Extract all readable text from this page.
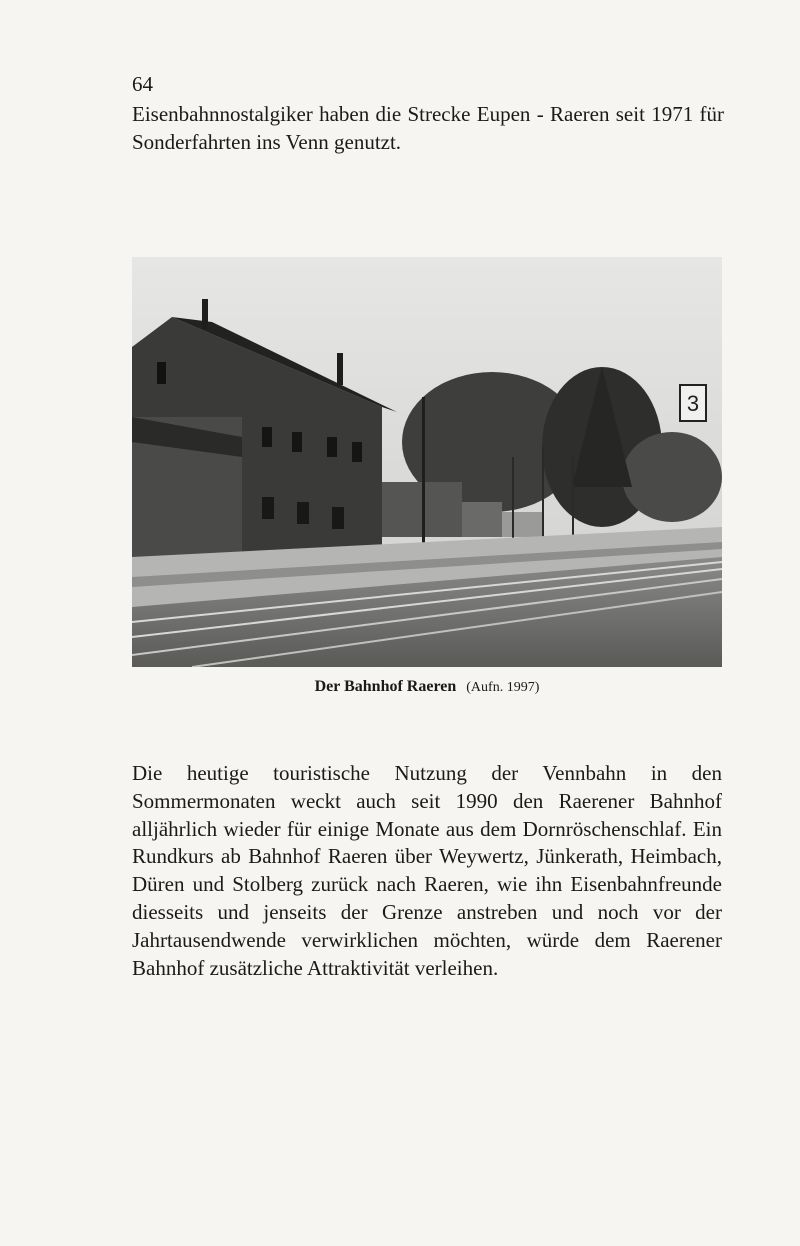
64

Eisenbahnnostalgiker haben die Strecke Eupen - Raeren seit 1971 für Sonderfahrten ins Venn genutzt.

3
Der Bahnhof Raeren (Aufn. 1997)

Die heutige touristische Nutzung der Vennbahn in den Sommermonaten weckt auch seit 1990 den Raerener Bahnhof alljährlich wieder für einige Monate aus dem Dornröschenschlaf. Ein Rundkurs ab Bahnhof Raeren über Weywertz, Jünkerath, Heimbach, Düren und Stolberg zurück nach Raeren, wie ihn Eisenbahnfreunde diesseits und jenseits der Grenze anstreben und noch vor der Jahrtausendwende verwirklichen möchten, würde dem Raerener Bahnhof zusätzliche Attraktivität verleihen.
